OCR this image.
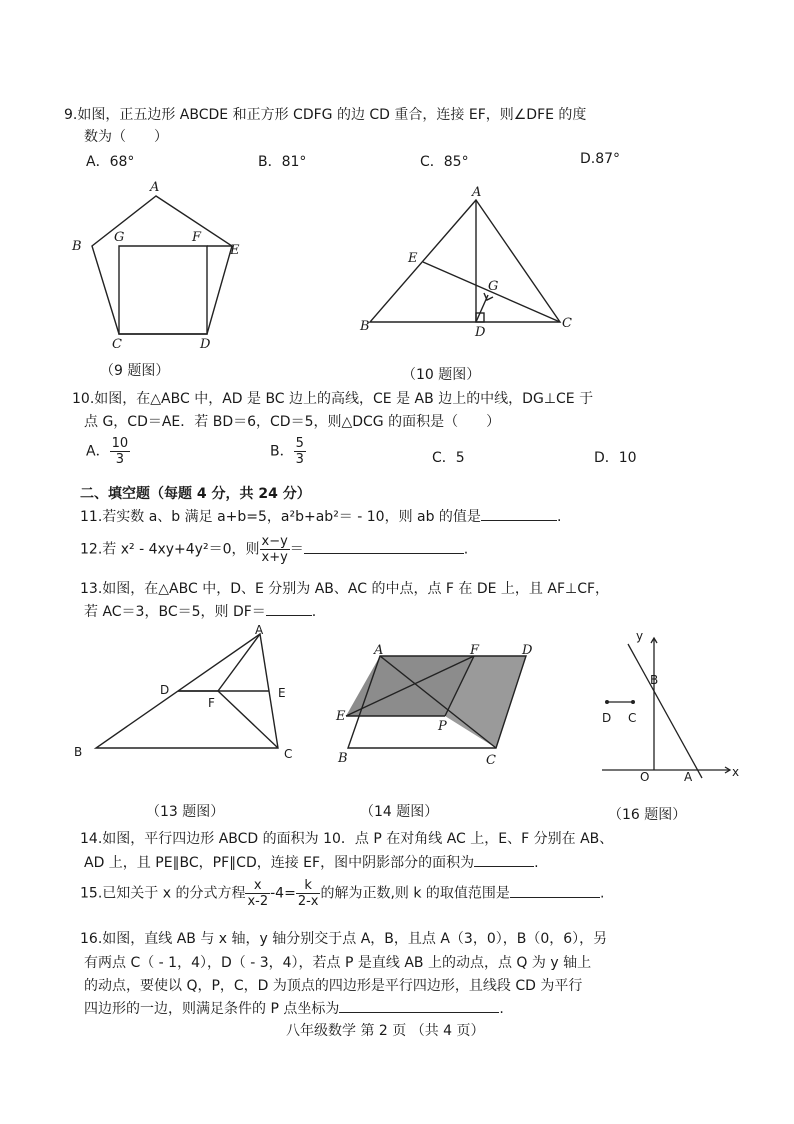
9.如图，正五边形 ABCDE 和正方形 CDFG 的边 CD 重合，连接 EF，则∠DFE 的度
数为（　　）
A．68°	B．81°	C．85°	D.87°
A
B
G	F
E
C	D
A
E
G
B	D
C
（9 题图）	（10 题图）
10.如图，在△ABC 中，AD 是 BC 边上的高线，CE 是 AB 边上的中线，DG⊥CE 于
点 G，CD＝AE．若 BD＝6，CD＝5，则△DCG 的面积是（　　）
A． $\frac{10}{3}$	B． $\frac{5}{3}$	C．5	D．10
二、填空题（每题 4 分，共 24 分）
11.若实数 a、b 满足 a+b=5，a²b+ab²＝ - 10，则 ab 的值是	.
12.若 x² - 4xy+4y²＝0，则 $\frac{x-y}{x+y}$ ＝	.
13.如图，在△ABC 中，D、E 分别为 AB、AC 的中点，点 F 在 DE 上，且 AF⊥CF，
若 AC＝3，BC＝5，则 DF＝	.
A
D
F
E
B	C
A	F	D
E
P
B	C
y
B
D C
O	A	x
（13 题图）	（14 题图）	（16 题图）
14.如图，平行四边形 ABCD 的面积为 10．点 P 在对角线 AC 上，E、F 分别在 AB、
AD 上，且 PE∥BC，PF∥CD，连接 EF，图中阴影部分的面积为	.
15.已知关于 x 的分式方程 $\frac{x}{x-2} -4= \frac{k}{2-x}$ 的解为正数,则 k 的取值范围是	.
16.如图，直线 AB 与 x 轴，y 轴分别交于点 A，B，且点 A（3，0），B（0，6），另
有两点 C（ - 1，4），D（ - 3，4），若点 P 是直线 AB 上的动点，点 Q 为 y 轴上
的动点，要使以 Q，P，C，D 为顶点的四边形是平行四边形，且线段 CD 为平行
四边形的一边，则满足条件的 P 点坐标为	.
八年级数学 第 2 页 （共 4 页）
